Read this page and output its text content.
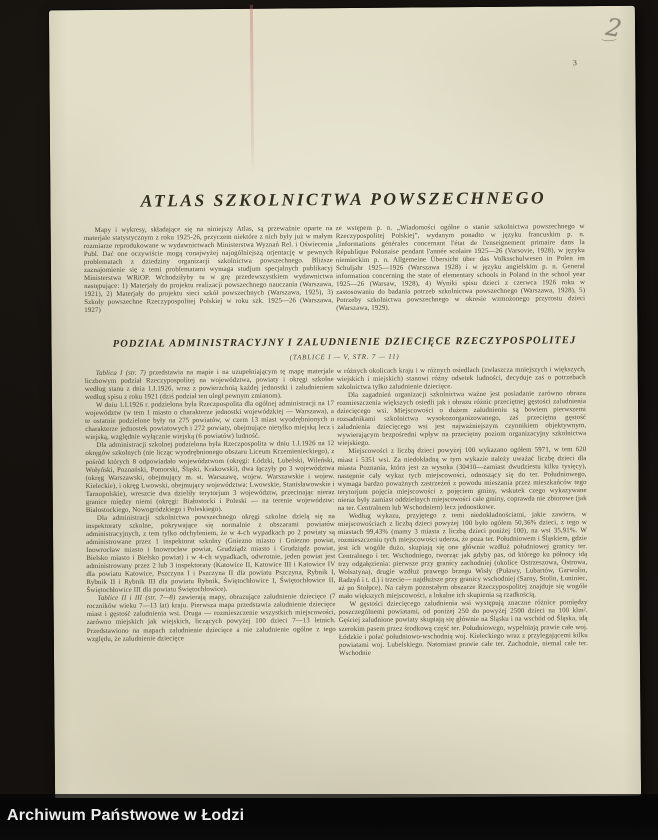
2
3
ATLAS SZKOLNICTWA POWSZECHNEGO

Mapy i wykresy, składające się na niniejszy Atlas, są przeważnie oparte na materjale statystycznym z roku 1925-26, przyczem niektóre z nich były już w małym rozmiarze reprodukowane w wydawnictwach Ministerstwa Wyznań Rel. i Oświecenia Publ. Dać one oczywiście mogą conajwyżej najogólniejszą orjentację w pewnych problematach z dziedziny organizacji szkolnictwa powszechnego. Bliższe zaznajomienie się z temi problematami wymaga studjum specjalnych publikacyj Ministerstwa WRiOP. Wchodziłyby tu w grę przedewszystkiem wydawnictwa następujące: 1) Materjały do projektu realizacji powszechnego nauczania (Warszawa, 1921), 2) Materjały do projektu sieci szkół powszechnych (Warszawa, 1925), 3) Szkoły powszechne Rzeczypospolitej Polskiej w roku szk. 1925—26 (Warszawa, 1927)

ze wstępem p. n. „Wiadomości ogólne o stanie szkolnictwa powszechnego w Rzeczypospolitej Polskiej”, wydanym ponadto w języku francuskim p. n. „Informations générales concernant l'état de l'enseignement primaire dans la République Polonaise pendant l'année scolaire 1925—26 (Varsovie, 1928), w języku niemieckim p. n. Allgemeine Übersicht über das Volksschulwesen in Polen im Schuljahr 1925—1926 (Warszawa 1928) i w języku angielskim p. n. General information concerning the state of elementary schools in Poland in the school year 1925—26 (Warsaw, 1928), 4) Wyniki spisu dzieci z czerwca 1926 roku w zastosowaniu do badania potrzeb szkolnictwa powszechnego (Warszawa, 1928), 5) Potrzeby szkolnictwa powszechnego w okresie wzmożonego przyrostu dzieci (Warszawa, 1929).

PODZIAŁ ADMINISTRACYJNY I ZALUDNIENIE DZIECIĘCE RZECZYPOSPOLITEJ
(TABLICE I — V, STR. 7 — 11)

Tablica I (str. 7) przedstawia na mapie i na uzupełniającym tę mapę materjale liczbowym podział Rzeczypospolitej na województwa, powiaty i okręgi szkolne według stanu z dnia 1.I.1926, wraz z powierzchnią każdej jednostki i zaludnieniem według spisu z roku 1921 (dziś podział ten uległ pewnym zmianom).

W dniu 1.I.1926 r. podzielona była Rzeczpospolita dla ogólnej administracji na 17 województw (w tem 1 miasto o charakterze jednostki wojewódzkiej — Warszawa), a te ostatnie podzielone były na 275 powiatów, w czem 13 miast wyodrębnionych o charakterze jednostek powiatowych i 272 powiaty, obejmujące nietylko miejską lecz i wiejską, względnie wyłącznie wiejską (6 powiatów) ludność.

Dla administracji szkolnej podzielona była Rzeczpospolita w dniu 1.I.1926 na 12 okręgów szkolnych (nie licząc wyodrębnionego obszaru Liceum Krzemienieckiego), z pośród których 8 odpowiadało województwom (okręgi: Łódzki, Lubelski, Wileński, Wołyński, Poznański, Pomorski, Śląski, Krakowski), dwa łączyły po 3 województwa (okręg Warszawski, obejmujący m. st. Warszawę, wojew. Warszawskie i wojew. Kieleckie), i okręg Lwowski, obejmujący województwa: Lwowskie, Stanisławowskie i Tarnopolskie), wreszcie dwa dzieliły terytorjum 3 województw, przecinając nieraz granice między niemi (okręgi: Białostocki i Poleski — na terenie województw: Białostockiego, Nowogródzkiego i Poleskiego).

Dla administracji szkolnictwa powszechnego okręgi szkolne dzielą się na inspektoraty szkolne, pokrywające się normalnie z obszarami powiatów administracyjnych, z tem tylko odchyleniem, że w 4-ch wypadkach po 2 powiaty są administrowane przez 1 inspektorat szkolny (Gniezno miasto i Gniezno powiat, Inowrocław miasto i Inowrocław powiat, Grudziądz miasto i Grudziądz powiat, Bielsko miasto i Bielsko powiat) i w 4-ch wypadkach, odwrotnie, jeden powiat jest administrowany przez 2 lub 3 inspektoraty (Katowice II, Katowice III i Katowice IV dla powiatu Katowice, Pszczyna I i Pszczyna II dla powiatu Pszczyna, Rybnik I, Rybnik II i Rybnik III dla powiatu Rybnik, Świętochłowice I, Świętochłowice II, Świętochłowice III dla powiatu Świętochłowice).

Tablice II i III (str. 7—8) zawierają mapy, obrazujące zaludnienie dziecięce (7 roczników wieku 7—13 lat) kraju. Pierwsza mapa przedstawia zaludnienie dziecięce miast i gęstość zaludnienia wsi. Druga — rozmieszczenie wszystkich miejscowości, zarówno miejskich jak wiejskich, liczących powyżej 100 dzieci 7—13 letnich. Przedstawiono na mapach zaludnienie dziecięce a nie zaludnienie ogólne z tego względu, że zaludnienie dziecięce

w różnych okolicach kraju i w różnych osiedlach (zwłaszcza mniejszych i większych, wiejskich i miejskich) stanowi różny odsetek ludności, decyduje zaś o potrzebach szkolnictwa tylko zaludnienie dziecięce.

Dla zagadnień organizacji szkolnictwa ważne jest posiadanie zarówno obrazu rozmieszczenia większych osiedli jak i obrazu różnic przeciętnej gęstości zaludnienia dziecięcego wsi. Miejscowości o dużem zaludnieniu są bowiem pierwszemi rozsadnikami szkolnictwa wysokozorganizowanego, zaś przeciętna gęstość zaludnienia dziecięcego wsi jest najważniejszym czynnikiem objektywnym, wywierającym bezpośredni wpływ na przeciętny poziom organizacyjny szkolnictwa wiejskiego.

Miejscowości z liczbą dzieci powyżej 100 wykazano ogółem 5971, w tem 620 miast i 5351 wsi. Za niedokładną w tym wykazie należy uważać liczbę dzieci dla miasta Poznania, która jest za wysoka (30410—zamiast dwudziestu kilku tysięcy), następnie cały wykaz tych miejscowości, odnoszący się do ter. Południowego, wymaga bardzo poważnych zastrzeżeń z powodu mieszania przez mieszkańców tego terytorjum pojęcia miejscowości z pojęciem gminy, wskutek czego wykazywane nieraz były zamiast oddzielnych miejscowości całe gminy, coprawda nie zbiorowe (jak na ter. Centralnem lub Wschodniem) lecz jednostkowe.

Według wykazu, przyjętego z temi niedokładnościami, jakie zawiera, w miejscowościach z liczbą dzieci powyżej 100 było ogółem 50,36% dzieci, z tego w miastach 99,43% (mamy 3 miasta z liczbą dzieci poniżej 100), na wsi 35,91%. W rozmieszczeniu tych miejscowości uderza, że poza ter. Południowem i Śląskiem, gdzie jest ich wogóle dużo, skupiają się one głównie wzdłuż południowej granicy ter. Centralnego i ter. Wschodniego, tworząc jak gdyby pas, od którego ku północy idą trzy odgałęzienia: pierwsze przy granicy zachodniej (okolice Ostrzeszowa, Ostrowa, Wolsztyna), drugie wzdłuż prawego brzegu Wisły (Puławy, Lubartów, Garwolin, Radzyń i t. d.) i trzecie— najdłuższe przy granicy wschodniej (Sarny, Stolin, Łuniniec, aż po Stołpce). Na całym pozostałym obszarze Rzeczypospolitej znajduje się wogóle mało większych miejscowości, a lokalne ich skupienia są rzadkością.

W gęstości dziecięcego zaludnienia wsi występują znaczne różnice pomiędzy poszczególnemi powiatami, od poniżej 250 do powyżej 2500 dzieci na 100 klm². Gęściej zaludnione powiaty skupiają się głównie na Śląsku i na wschód od Śląska, idą szerokim pasem przez środkową część ter. Południowego, wypełniają prawie całe woj. Łódzkie i połać południowo-wschodnią woj. Kieleckiego wraz z przylegającemi kilku powiatami woj. Lubelskiego. Natomiast prawie całe ter. Zachodnie, niemal całe ter. Wschodnie

Archiwum Państwowe w Łodzi
